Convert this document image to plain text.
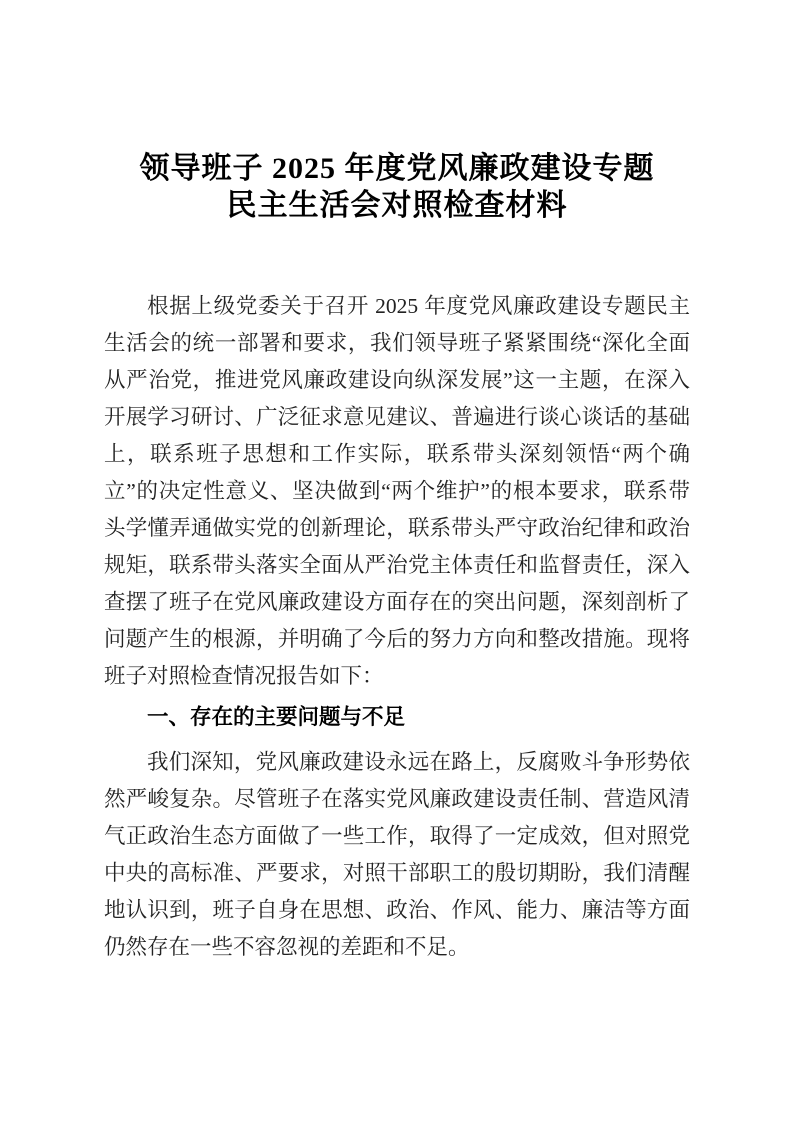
领导班子 2025 年度党风廉政建设专题
民主生活会对照检查材料

根据上级党委关于召开 2025 年度党风廉政建设专题民主生活会的统一部署和要求，我们领导班子紧紧围绕“深化全面从严治党，推进党风廉政建设向纵深发展”这一主题，在深入开展学习研讨、广泛征求意见建议、普遍进行谈心谈话的基础上，联系班子思想和工作实际，联系带头深刻领悟“两个确立”的决定性意义、坚决做到“两个维护”的根本要求，联系带头学懂弄通做实党的创新理论，联系带头严守政治纪律和政治规矩，联系带头落实全面从严治党主体责任和监督责任，深入查摆了班子在党风廉政建设方面存在的突出问题，深刻剖析了问题产生的根源，并明确了今后的努力方向和整改措施。现将班子对照检查情况报告如下：

一、存在的主要问题与不足

我们深知，党风廉政建设永远在路上，反腐败斗争形势依然严峻复杂。尽管班子在落实党风廉政建设责任制、营造风清气正政治生态方面做了一些工作，取得了一定成效，但对照党中央的高标准、严要求，对照干部职工的殷切期盼，我们清醒地认识到，班子自身在思想、政治、作风、能力、廉洁等方面仍然存在一些不容忽视的差距和不足。
